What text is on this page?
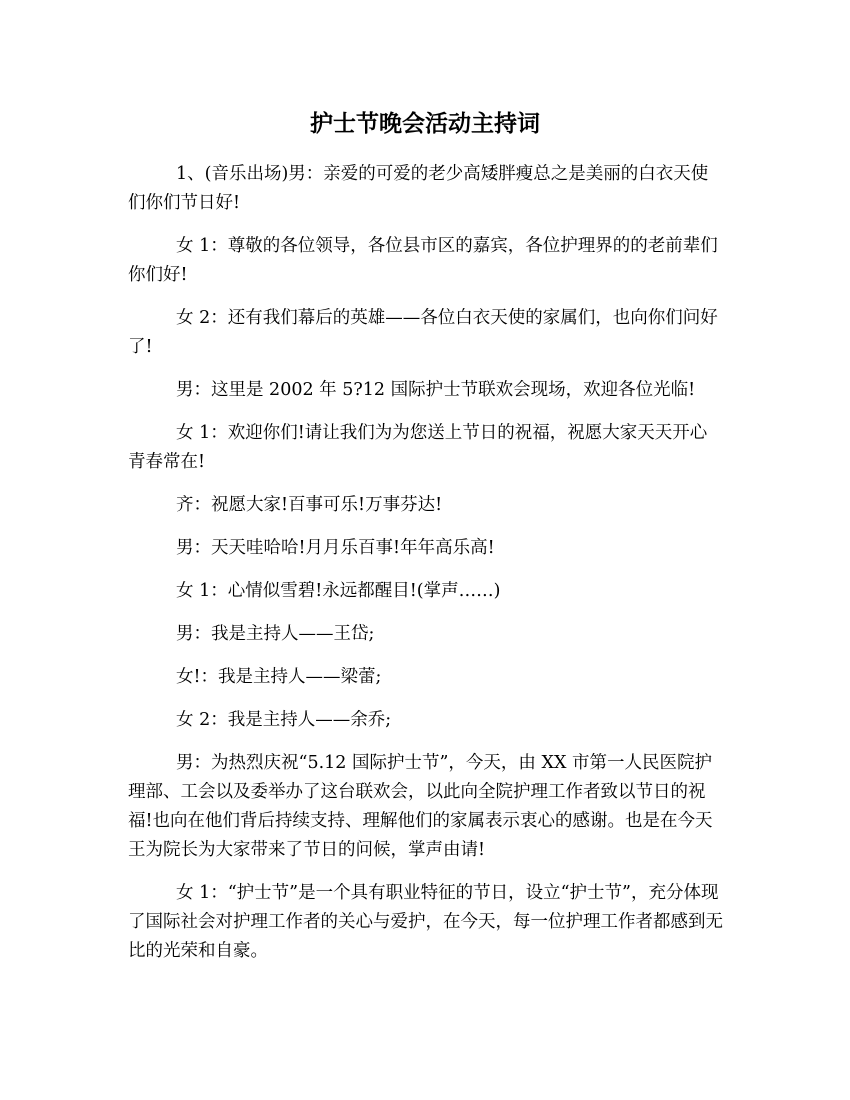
护士节晚会活动主持词

1、(音乐出场)男：亲爱的可爱的老少高矮胖瘦总之是美丽的白衣天使们你们节日好!

女 1：尊敬的各位领导，各位县市区的嘉宾，各位护理界的的老前辈们你们好!

女 2：还有我们幕后的英雄——各位白衣天使的家属们，也向你们问好了!

男：这里是 2002 年 5?12 国际护士节联欢会现场，欢迎各位光临!

女 1：欢迎你们!请让我们为为您送上节日的祝福，祝愿大家天天开心青春常在!

齐：祝愿大家!百事可乐!万事芬达!

男：天天哇哈哈!月月乐百事!年年高乐高!

女 1：心情似雪碧!永远都醒目!(掌声……)

男：我是主持人——王岱;

女!：我是主持人——梁蕾;

女 2：我是主持人——余乔;

男：为热烈庆祝“5.12 国际护士节”，今天，由 XX 市第一人民医院护理部、工会以及委举办了这台联欢会，以此向全院护理工作者致以节日的祝福!也向在他们背后持续支持、理解他们的家属表示衷心的感谢。也是在今天王为院长为大家带来了节日的问候，掌声由请!

女 1：“护士节”是一个具有职业特征的节日，设立“护士节”，充分体现了国际社会对护理工作者的关心与爱护，在今天，每一位护理工作者都感到无比的光荣和自豪。
